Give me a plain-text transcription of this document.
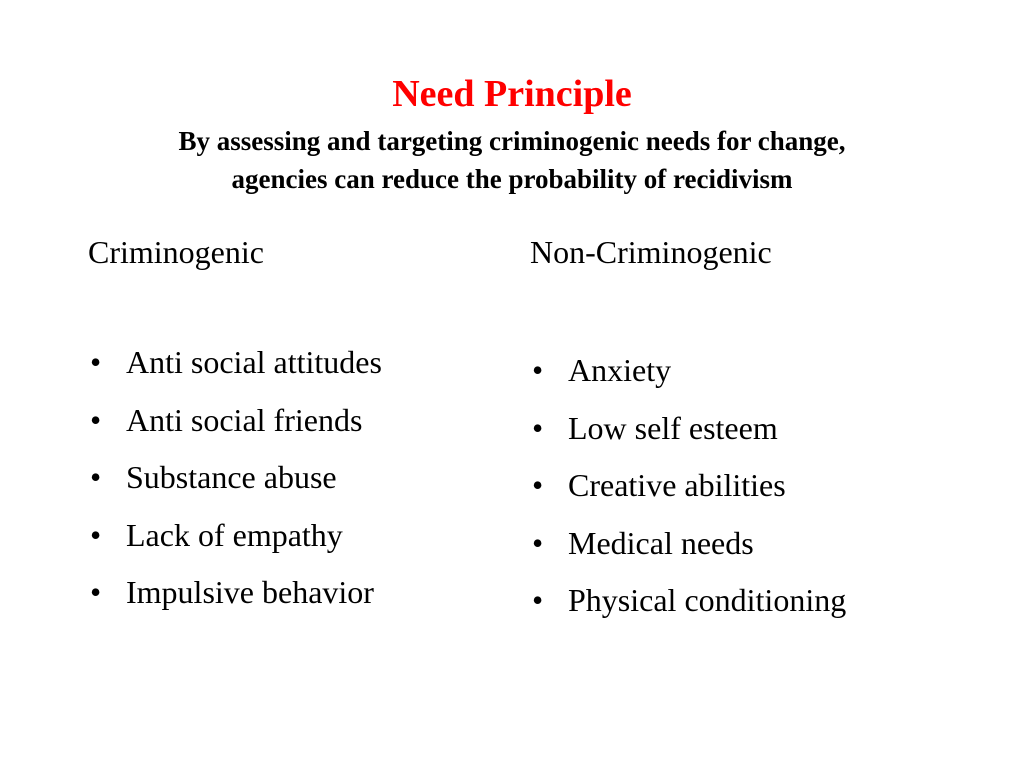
Need Principle
By assessing and targeting criminogenic needs for change,
agencies can reduce the probability of recidivism
Criminogenic
• Anti social attitudes
• Anti social friends
• Substance abuse
• Lack of empathy
• Impulsive behavior
Non-Criminogenic
• Anxiety
• Low self esteem
• Creative abilities
• Medical needs
• Physical conditioning
